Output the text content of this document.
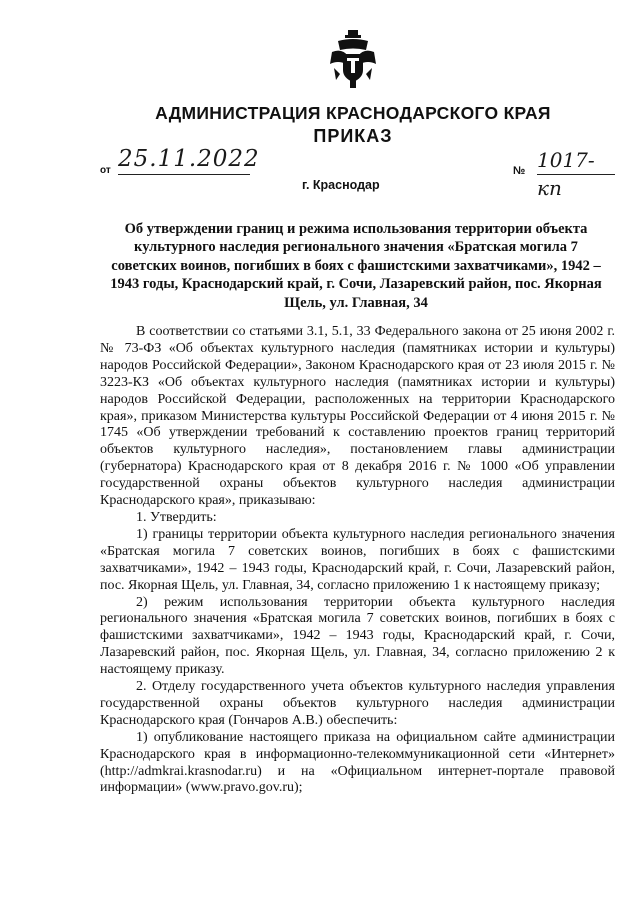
АДМИНИСТРАЦИЯ КРАСНОДАРСКОГО КРАЯ
ПРИКАЗ
от 25.11.2022	№ 1017-кп
г. Краснодар
Об утверждении границ и режима использования территории объекта культурного наследия регионального значения «Братская могила 7 советских воинов, погибших в боях с фашистскими захватчиками», 1942 – 1943 годы, Краснодарский край, г. Сочи, Лазаревский район, пос. Якорная Щель, ул. Главная, 34

В соответствии со статьями 3.1, 5.1, 33 Федерального закона от 25 июня 2002 г. № 73-ФЗ «Об объектах культурного наследия (памятниках истории и культуры) народов Российской Федерации», Законом Краснодарского края от 23 июля 2015 г. № 3223-КЗ «Об объектах культурного наследия (памятниках истории и культуры) народов Российской Федерации, расположенных на территории Краснодарского края», приказом Министерства культуры Российской Федерации от 4 июня 2015 г. № 1745 «Об утверждении требований к составлению проектов границ территорий объектов культурного наследия», постановлением главы администрации (губернатора) Краснодарского края от 8 декабря 2016 г. № 1000 «Об управлении государственной охраны объектов культурного наследия администрации Краснодарского края», приказываю:

1. Утвердить:

1) границы территории объекта культурного наследия регионального значения «Братская могила 7 советских воинов, погибших в боях с фашистскими захватчиками», 1942 – 1943 годы, Краснодарский край, г. Сочи, Лазаревский район, пос. Якорная Щель, ул. Главная, 34, согласно приложению 1 к настоящему приказу;

2) режим использования территории объекта культурного наследия регионального значения «Братская могила 7 советских воинов, погибших в боях с фашистскими захватчиками», 1942 – 1943 годы, Краснодарский край, г. Сочи, Лазаревский район, пос. Якорная Щель, ул. Главная, 34, согласно приложению 2 к настоящему приказу.

2. Отделу государственного учета объектов культурного наследия управления государственной охраны объектов культурного наследия администрации Краснодарского края (Гончаров А.В.) обеспечить:

1) опубликование настоящего приказа на официальном сайте администрации Краснодарского края в информационно-телекоммуникационной сети «Интернет» (http://admkrai.krasnodar.ru) и на «Официальном интернет-портале правовой информации» (www.pravo.gov.ru);
